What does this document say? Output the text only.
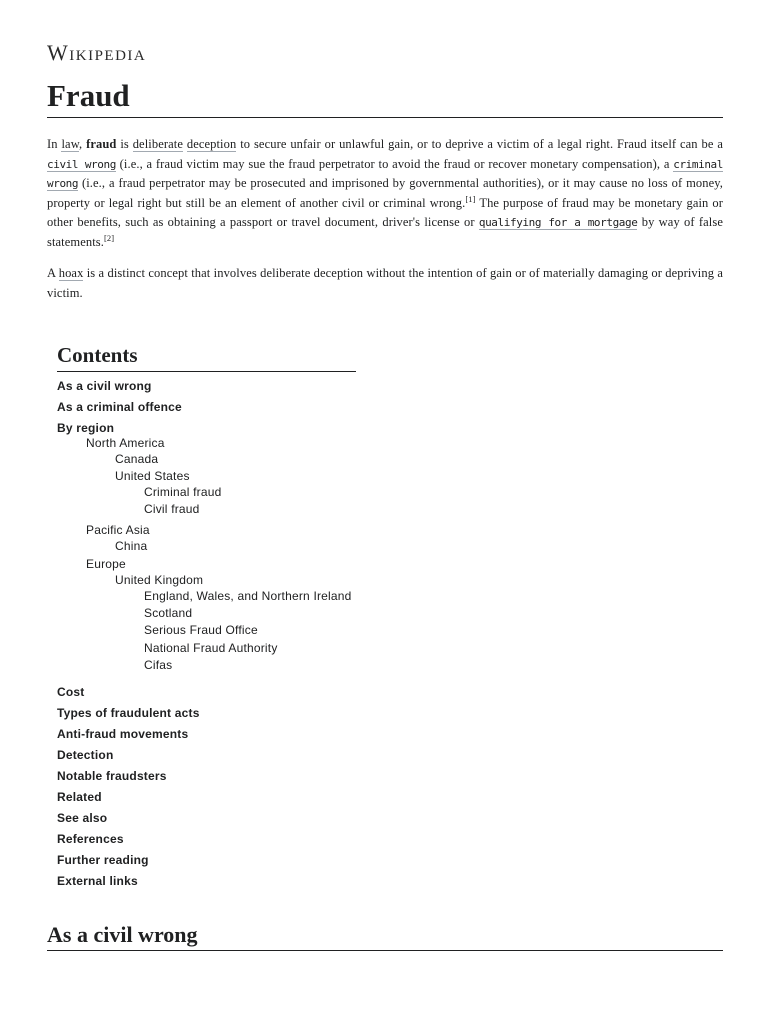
Wikipedia
Fraud

In law, fraud is deliberate deception to secure unfair or unlawful gain, or to deprive a victim of a legal right. Fraud itself can be a civil wrong (i.e., a fraud victim may sue the fraud perpetrator to avoid the fraud or recover monetary compensation), a criminal wrong (i.e., a fraud perpetrator may be prosecuted and imprisoned by governmental authorities), or it may cause no loss of money, property or legal right but still be an element of another civil or criminal wrong.[1] The purpose of fraud may be monetary gain or other benefits, such as obtaining a passport or travel document, driver's license or qualifying for a mortgage by way of false statements.[2]

A hoax is a distinct concept that involves deliberate deception without the intention of gain or of materially damaging or depriving a victim.

Contents
As a civil wrong
As a criminal offence
By region
North America
Canada
United States
Criminal fraud
Civil fraud
Pacific Asia
China
Europe
United Kingdom
England, Wales, and Northern Ireland
Scotland
Serious Fraud Office
National Fraud Authority
Cifas
Cost
Types of fraudulent acts
Anti-fraud movements
Detection
Notable fraudsters
Related
See also
References
Further reading
External links
As a civil wrong
